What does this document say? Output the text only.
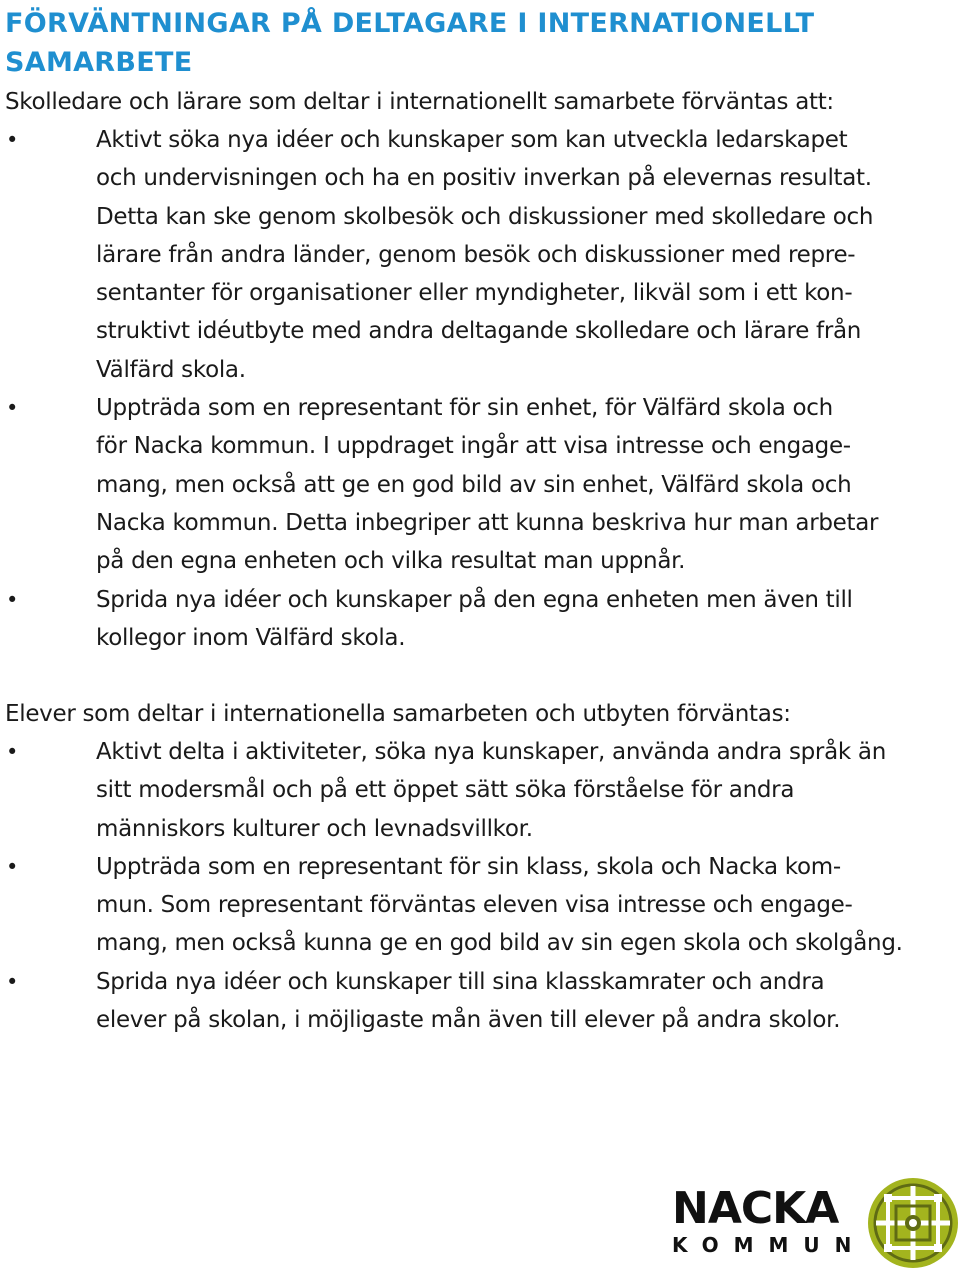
FÖRVÄNTNINGAR PÅ DELTAGARE I INTERNATIONELLT SAMARBETE

Skolledare och lärare som deltar i internationellt samarbete förväntas att:

•	Aktivt söka nya idéer och kunskaper som kan utveckla ledarskapet
och undervisningen och ha en positiv inverkan på elevernas resultat.
Detta kan ske genom skolbesök och diskussioner med skolledare och
lärare från andra länder, genom besök och diskussioner med repre-
sentanter för organisationer eller myndigheter, likväl som i ett kon-
struktivt idéutbyte med andra deltagande skolledare och lärare från
Välfärd skola.
•	Uppträda som en representant för sin enhet, för Välfärd skola och
för Nacka kommun. I uppdraget ingår att visa intresse och engage-
mang, men också att ge en god bild av sin enhet, Välfärd skola och
Nacka kommun. Detta inbegriper att kunna beskriva hur man arbetar
på den egna enheten och vilka resultat man uppnår.
•	Sprida nya idéer och kunskaper på den egna enheten men även till
kollegor inom Välfärd skola.

Elever som deltar i internationella samarbeten och utbyten förväntas:

•	Aktivt delta i aktiviteter, söka nya kunskaper, använda andra språk än
sitt modersmål och på ett öppet sätt söka förståelse för andra
människors kulturer och levnadsvillkor.
•	Uppträda som en representant för sin klass, skola och Nacka kom-
mun. Som representant förväntas eleven visa intresse och engage-
mang, men också kunna ge en god bild av sin egen skola och skolgång.
•	Sprida nya idéer och kunskaper till sina klasskamrater och andra
elever på skolan, i möjligaste mån även till elever på andra skolor.
NACKA
KOMMUN
